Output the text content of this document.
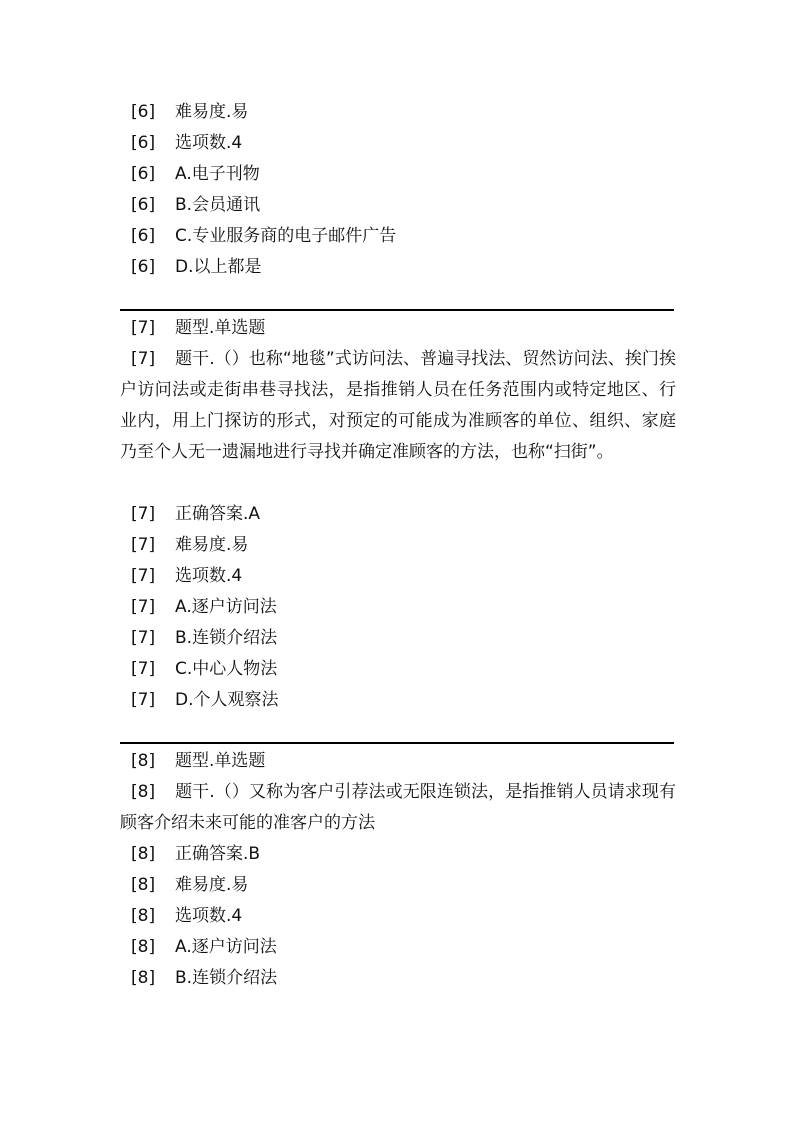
[6] 难易度.易
[6] 选项数.4
[6] A.电子刊物
[6] B.会员通讯
[6] C.专业服务商的电子邮件广告
[6] D.以上都是
[7] 题型.单选题
[7] 题干.（）也称“地毯”式访问法、普遍寻找法、贸然访问法、挨门挨户访问法或走街串巷寻找法，是指推销人员在任务范围内或特定地区、行业内，用上门探访的形式，对预定的可能成为准顾客的单位、组织、家庭乃至个人无一遗漏地进行寻找并确定准顾客的方法，也称“扫街”。
[7] 正确答案.A
[7] 难易度.易
[7] 选项数.4
[7] A.逐户访问法
[7] B.连锁介绍法
[7] C.中心人物法
[7] D.个人观察法
[8] 题型.单选题
[8] 题干.（）又称为客户引荐法或无限连锁法，是指推销人员请求现有顾客介绍未来可能的准客户的方法
[8] 正确答案.B
[8] 难易度.易
[8] 选项数.4
[8] A.逐户访问法
[8] B.连锁介绍法
